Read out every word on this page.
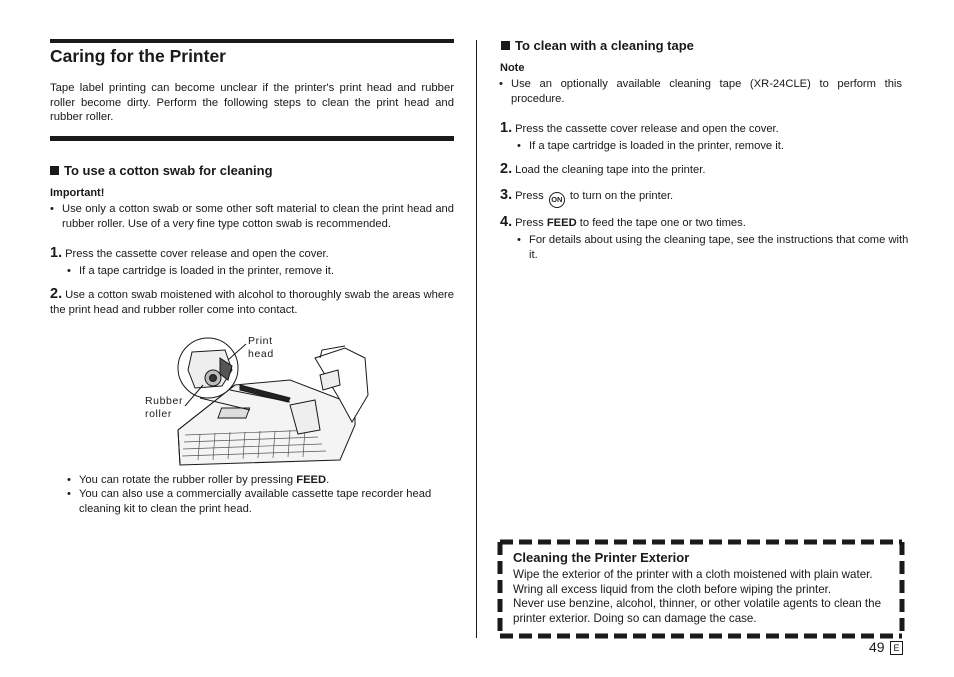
Caring for the Printer
Tape label printing can become unclear if the printer's print head and rubber roller become dirty. Perform the following steps to clean the print head and rubber roller.
To use a cotton swab for cleaning
Important!
• Use only a cotton swab or some other soft material to clean the print head and rubber roller. Use of a very fine type cotton swab is recommended.
1. Press the cassette cover release and open the cover.
• If a tape cartridge is loaded in the printer, remove it.
2. Use a cotton swab moistened with alcohol to thoroughly swab the areas where the print head and rubber roller come into contact.
Print
head
Rubber
roller
• You can rotate the rubber roller by pressing FEED.
• You can also use a commercially available cassette tape recorder head cleaning kit to clean the print head.
To clean with a cleaning tape
Note
• Use an optionally available cleaning tape (XR-24CLE) to perform this procedure.
1. Press the cassette cover release and open the cover.
• If a tape cartridge is loaded in the printer, remove it.
2. Load the cleaning tape into the printer.
3. Press ON to turn on the printer.
4. Press FEED to feed the tape one or two times.
• For details about using the cleaning tape, see the instructions that come with it.
Cleaning the Printer Exterior
Wipe the exterior of the printer with a cloth moistened with plain water. Wring all excess liquid from the cloth before wiping the printer.
Never use benzine, alcohol, thinner, or other volatile agents to clean the printer exterior. Doing so can damage the case.
49 E
